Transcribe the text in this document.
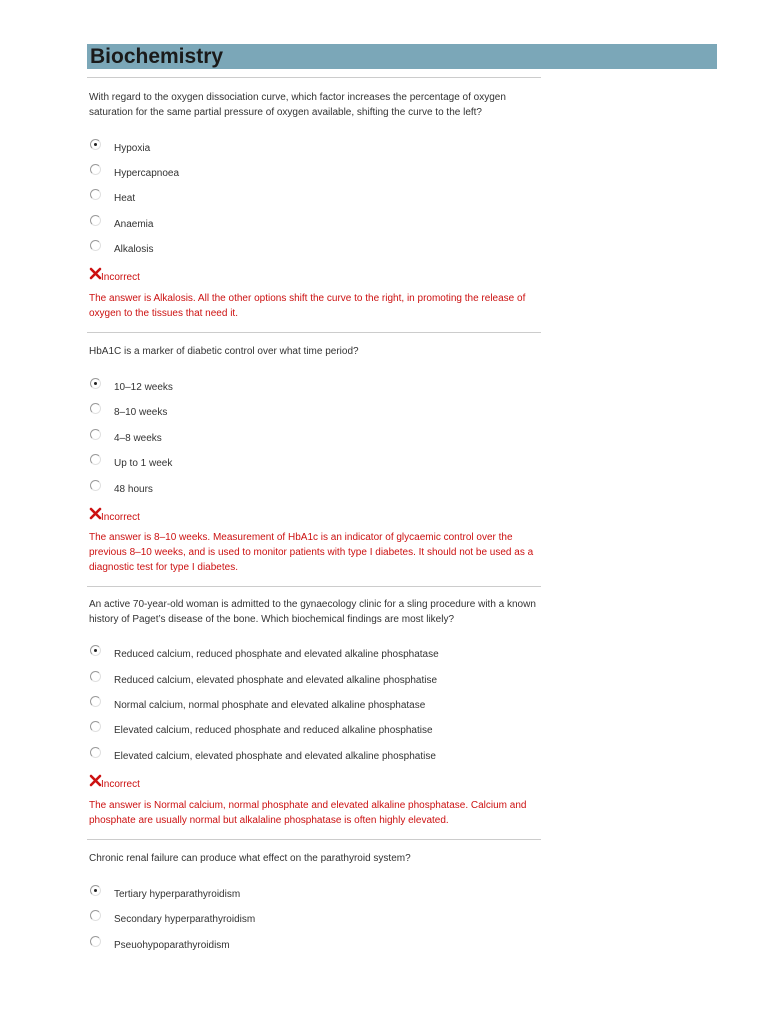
Biochemistry
With regard to the oxygen dissociation curve, which factor increases the percentage of oxygen saturation for the same partial pressure of oxygen available, shifting the curve to the left?
Hypoxia
Hypercapnoea
Heat
Anaemia
Alkalosis
Incorrect
The answer is Alkalosis. All the other options shift the curve to the right, in promoting the release of oxygen to the tissues that need it.
HbA1C is a marker of diabetic control over what time period?
10–12 weeks
8–10 weeks
4–8 weeks
Up to 1 week
48 hours
Incorrect
The answer is 8–10 weeks. Measurement of HbA1c is an indicator of glycaemic control over the previous 8–10 weeks, and is used to monitor patients with type I diabetes. It should not be used as a diagnostic test for type I diabetes.
An active 70-year-old woman is admitted to the gynaecology clinic for a sling procedure with a known history of Paget’s disease of the bone. Which biochemical findings are most likely?
Reduced calcium, reduced phosphate and elevated alkaline phosphatase
Reduced calcium, elevated phosphate and elevated alkaline phosphatise
Normal calcium, normal phosphate and elevated alkaline phosphatase
Elevated calcium, reduced phosphate and reduced alkaline phosphatise
Elevated calcium, elevated phosphate and elevated alkaline phosphatise
Incorrect
The answer is Normal calcium, normal phosphate and elevated alkaline phosphatase. Calcium and phosphate are usually normal but alkalaline phosphatase is often highly elevated.
Chronic renal failure can produce what effect on the parathyroid system?
Tertiary hyperparathyroidism
Secondary hyperparathyroidism
Pseuohypoparathyroidism
